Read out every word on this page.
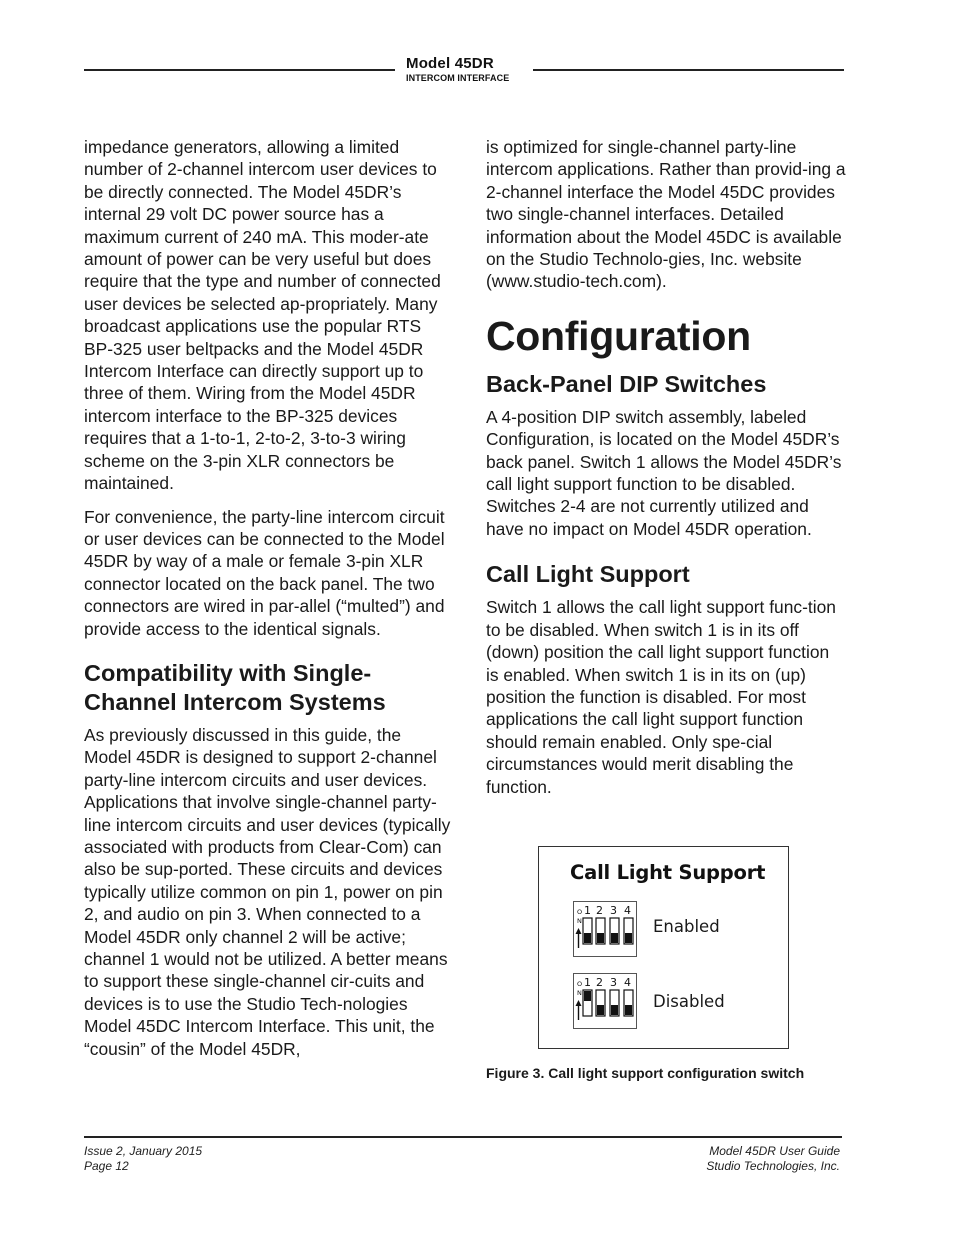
Model 45DR
INTERCOM INTERFACE

impedance generators, allowing a limited number of 2-channel intercom user devices to be directly connected. The Model 45DR’s internal 29 volt DC power source has a maximum current of 240 mA. This moder-ate amount of power can be very useful but does require that the type and number of connected user devices be selected ap-propriately. Many broadcast applications use the popular RTS BP-325 user beltpacks and the Model 45DR Intercom Interface can directly support up to three of them. Wiring from the Model 45DR intercom interface to the BP-325 devices requires that a 1-to-1, 2-to-2, 3-to-3 wiring scheme on the 3-pin XLR connectors be maintained.

For convenience, the party-line intercom circuit or user devices can be connected to the Model 45DR by way of a male or female 3-pin XLR connector located on the back panel. The two connectors are wired in par-allel (“multed”) and provide access to the identical signals.

Compatibility with Single-Channel Intercom Systems

As previously discussed in this guide, the Model 45DR is designed to support 2-channel party-line intercom circuits and user devices. Applications that involve single-channel party-line intercom circuits and user devices (typically associated with products from Clear-Com) can also be sup-ported. These circuits and devices typically utilize common on pin 1, power on pin 2, and audio on pin 3. When connected to a Model 45DR only channel 2 will be active; channel 1 would not be utilized. A better means to support these single-channel cir-cuits and devices is to use the Studio Tech-nologies Model 45DC Intercom Interface. This unit, the “cousin” of the Model 45DR,

is optimized for single-channel party-line intercom applications. Rather than provid-ing a 2-channel interface the Model 45DC provides two single-channel interfaces. Detailed information about the Model 45DC is available on the Studio Technolo-gies, Inc. website (www.studio-tech.com).

Configuration
Back-Panel DIP Switches

A 4-position DIP switch assembly, labeled Configuration, is located on the Model 45DR’s back panel. Switch 1 allows the Model 45DR’s call light support function to be disabled. Switches 2-4 are not currently utilized and have no impact on Model 45DR operation.

Call Light Support

Switch 1 allows the call light support func-tion to be disabled. When switch 1 is in its off (down) position the call light support function is enabled. When switch 1 is in its on (up) position the function is disabled. For most applications the call light support function should remain enabled. Only spe-cial circumstances would merit disabling the function.

Call Light Support
O
N
1 2 3 4
Enabled
O
N
1 2 3 4
Disabled
Figure 3. Call light support configuration switch
Issue 2, January 2015
Page 12
Model 45DR User Guide
Studio Technologies, Inc.
